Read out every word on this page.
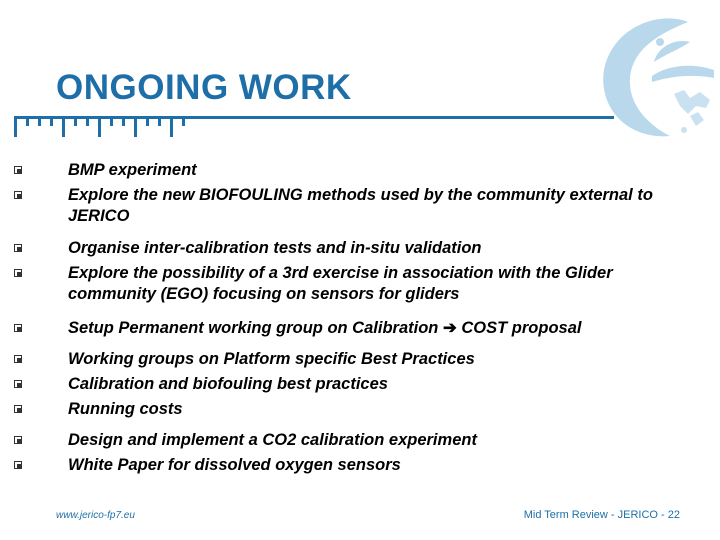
ONGOING WORK
BMP experiment
Explore the new BIOFOULING methods used by the community external to JERICO
Organise inter-calibration tests and in-situ validation
Explore the possibility of a 3rd exercise in association with the Glider community (EGO) focusing on sensors for gliders
Setup Permanent working group on Calibration ➔ COST proposal
Working groups on Platform specific Best Practices
Calibration and biofouling best practices
Running costs
Design and implement a CO2 calibration experiment
White Paper for dissolved oxygen sensors
www.jerico-fp7.eu	Mid Term Review - JERICO - 22
